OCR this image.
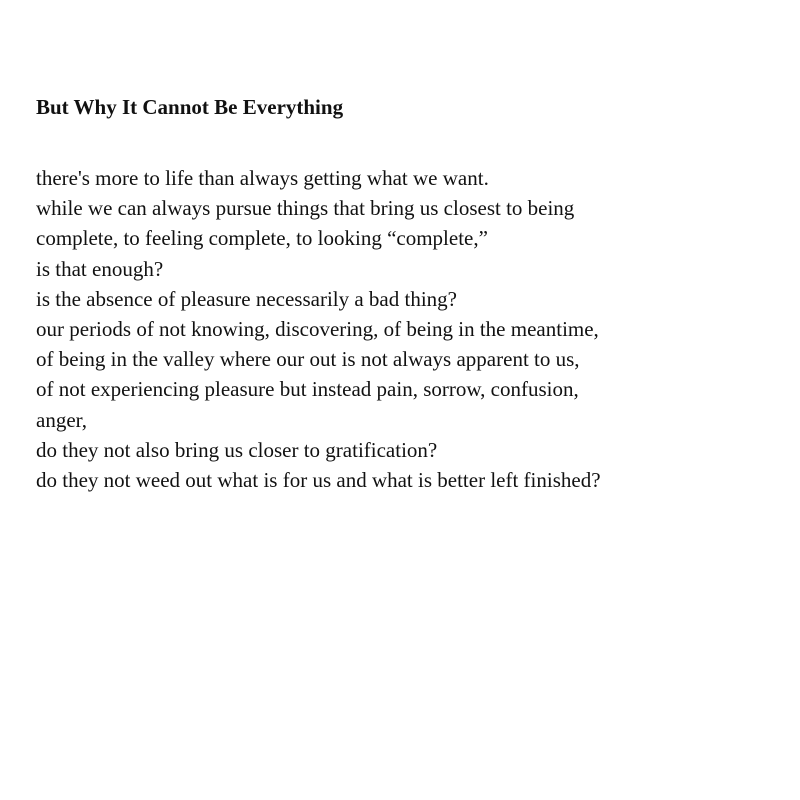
But Why It Cannot Be Everything
there's more to life than always getting what we want.
while we can always pursue things that bring us closest to being
complete, to feeling complete, to looking “complete,”
is that enough?
is the absence of pleasure necessarily a bad thing?
our periods of not knowing, discovering, of being in the meantime,
of being in the valley where our out is not always apparent to us,
of not experiencing pleasure but instead pain, sorrow, confusion,
anger,
do they not also bring us closer to gratification?
do they not weed out what is for us and what is better left finished?
